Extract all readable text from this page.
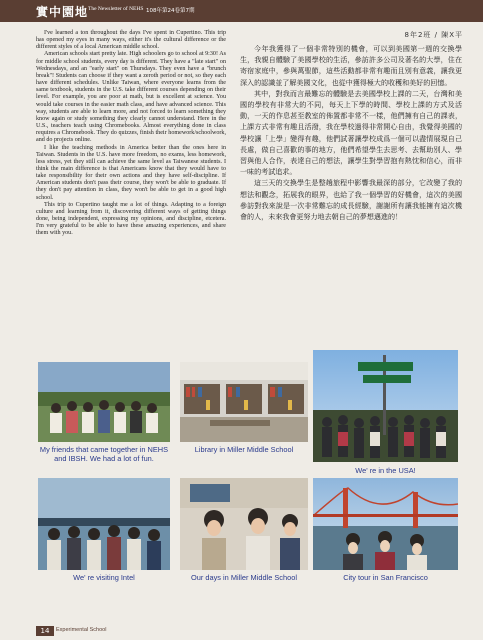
實中園地 The Newsletter of NEHS 108年第24卷第7期

I've learned a ton throughout the days I've spent in Cupertino. This trip has opened my eyes in many ways, either it's the cultural difference or the different styles of a local American middle school.

American schools start pretty late. High schoolers go to school at 9:30! As for middle school students, every day is different. They have a "late start" on Wednesdays, and an "early start" on Thursdays. They even have a "brunch break"! Students can choose if they want a zeroth period or not, so they each have different schedules. Unlike Taiwan, where everyone learns from the same textbook, students in the U.S. take different courses depending on their level. For example, you are poor at math, but is excellent at science. You would take courses in the easier math class, and have advanced science. This way, students are able to learn more, and not forced to learn something they know again or study something they clearly cannot understand. Here in the U.S., teachers teach using Chromebooks. Almost everything done in class requires a Chromebook. They do quizzes, finish their homework/schoolwork, and do projects online.

I like the teaching methods in America better than the ones here in Taiwan. Students in the U.S. have more freedom, no exams, less homework, less stress, yet they still can achieve the same level as Taiwanese students. I think the main difference is that Americans know that they would have to take responsibility for their own actions and they have self-discipline. If American students don't pass their course, they won't be able to graduate. If they don't pay attention in class, they won't be able to get in a good high school.

This trip to Cupertino taught me a lot of things. Adapting to a foreign culture and learning from it, discovering different ways of getting things done, being independent, expressing my opinions, and discipline, etcetera. I'm very grateful to be able to have these amazing experiences, and share them with you.

8年2班 / 陳X平

今年我獲得了一個非常特別的機會，可以到美國第一週的交換學生，我親自體驗了美國學校的生活，參訪許多公司及著名的大學，住在寄宿家庭中，參與萬聖節，這些活動都非常有趣而且別有意義，讓我更深入的認識並了解美國文化，也從中獲得極大的收穫和美好的回憶。

其中，對我而言最難忘的體驗是去美國學校上課的二天，台灣和美國的學校有非常大的不同，每天上下學的時間、學校上課的方式及活動，一天的作息甚至教室的佈置都非常不一樣，他們擁有自己的課表，上課方式非常有趣且活潑，我在學校過得非常開心自由，我覺得美國的學校讓「上學」變得有趣，他們試著讓學校成爲一個可以盡情展現自己長處，做自己喜歡的事的地方，他們希望學生去思考、去幫助別人、學習與他人合作，表達自己的想法，讓學生對學習抱有熱忱和信心，而非一味的考試追求。

這三天的交換學生是整趟旅程中影響我最深的部分，它改變了我的想法和觀念，拓展我的眼界，也給了我一個學習的好機會，這次的美國參訪對我來說是一次非常難忘的成長經驗，謝謝所有讓我能擁有這次機會的人，未來我會更努力地去朝自己的夢想邁進的！

We' re in the USA!
My friends that came together in NEHS and IBSH. We had a lot of fun.
Library in Miller Middle School
We' re visiting Intel	Our days in Miller Middle School	City tour in San Francisco
14	Experimental School
